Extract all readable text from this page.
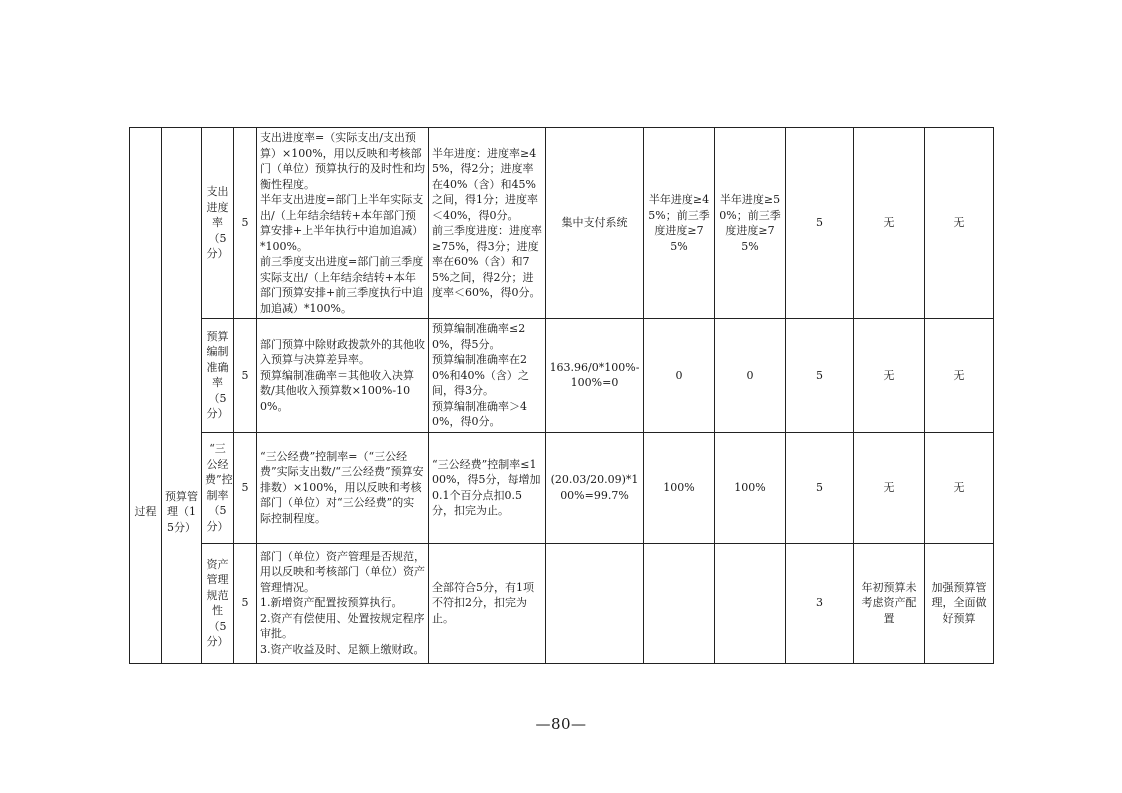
过程	预算管理（15分）	支出进度率（5分）	5	支出进度率=（实际支出/支出预算）×100%，用以反映和考核部门（单位）预算执行的及时性和均衡性程度。
半年支出进度=部门上半年实际支出/（上年结余结转+本年部门预算安排+上半年执行中追加追减）*100%。
前三季度支出进度=部门前三季度实际支出/（上年结余结转+本年部门预算安排+前三季度执行中追加追减）*100%。	半年进度：进度率≥45%，得2分；进度率在40%（含）和45%之间，得1分；进度率＜40%，得0分。
前三季度进度：进度率≥75%，得3分；进度率在60%（含）和75%之间，得2分；进度率＜60%，得0分。	集中支付系统	半年进度≥45%；前三季度进度≥75%	半年进度≥50%；前三季度进度≥75%	5	无	无
		预算编制准确率（5分）	5	部门预算中除财政拨款外的其他收入预算与决算差异率。
预算编制准确率＝其他收入决算数/其他收入预算数×100%-100%。	预算编制准确率≤20%，得5分。
预算编制准确率在20%和40%（含）之间，得3分。
预算编制准确率＞40%，得0分。	163.96/0*100%-100%=0	0	0	5	无	无
		“三公经费”控制率（5分）	5	“三公经费”控制率=（“三公经费”实际支出数/“三公经费”预算安排数）×100%，用以反映和考核部门（单位）对“三公经费”的实际控制程度。	“三公经费”控制率≤100%，得5分，每增加0.1个百分点扣0.5分，扣完为止。	(20.03/20.09)*100%=99.7%	100%	100%	5	无	无
		资产管理规范性（5分）	5	部门（单位）资产管理是否规范，用以反映和考核部门（单位）资产管理情况。
1.新增资产配置按预算执行。
2.资产有偿使用、处置按规定程序审批。
3.资产收益及时、足额上缴财政。	全部符合5分，有1项不符扣2分，扣完为止。				3	年初预算未考虑资产配置	加强预算管理，全面做好预算
—80—
